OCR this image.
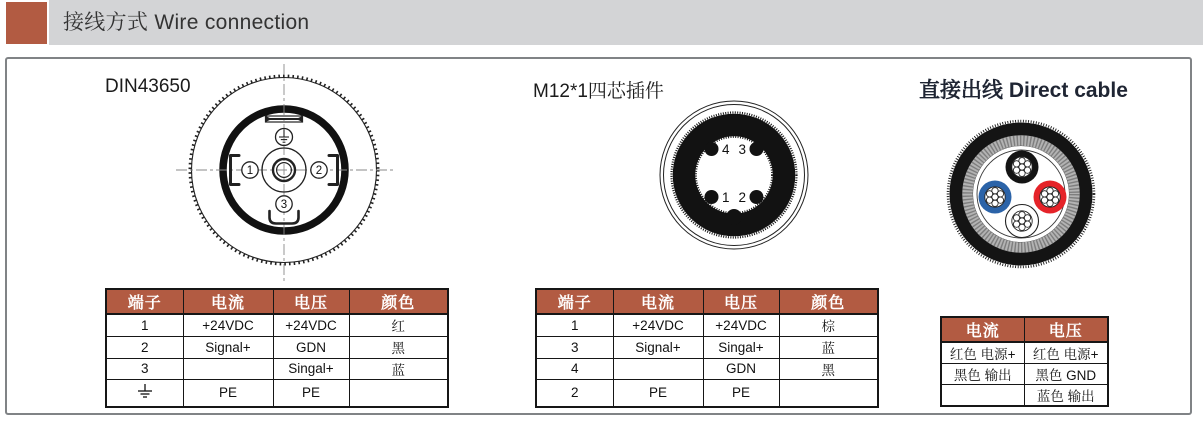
接线方式 Wire connection
DIN43650	M12*1四芯插件	直接出线 Direct cable
1	2
3
4 3
1 2
端子	电流	电压	颜色
1	+24VDC	+24VDC	红
2	Signal+	GDN	黑
3		Singal+	蓝
	PE	PE	
端子	电流	电压	颜色
1	+24VDC	+24VDC	棕
3	Signal+	Singal+	蓝
4		GDN	黑
2	PE	PE	
电流	电压
红色 电源+	红色 电源+
黑色 输出	黑色 GND
	蓝色 输出
